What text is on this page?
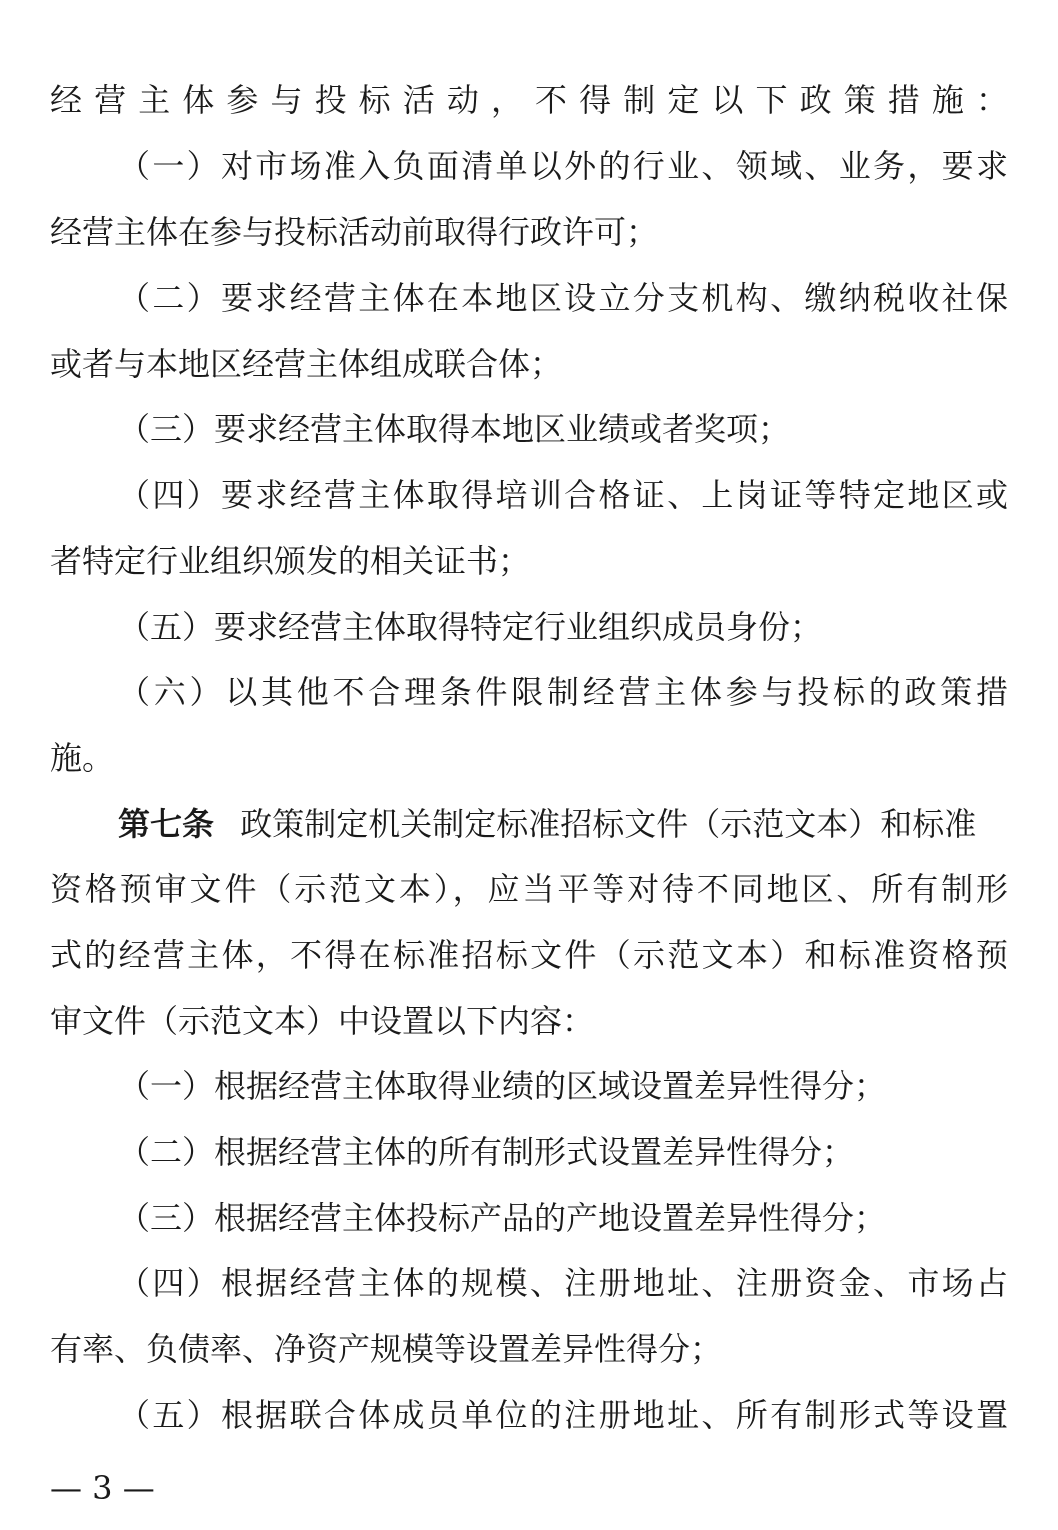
经营主体参与投标活动，不得制定以下政策措施：
（一）对市场准入负面清单以外的行业、领域、业务，要求
经营主体在参与投标活动前取得行政许可；
（二）要求经营主体在本地区设立分支机构、缴纳税收社保
或者与本地区经营主体组成联合体；
（三）要求经营主体取得本地区业绩或者奖项；
（四）要求经营主体取得培训合格证、上岗证等特定地区或
者特定行业组织颁发的相关证书；
（五）要求经营主体取得特定行业组织成员身份；
（六）以其他不合理条件限制经营主体参与投标的政策措
施。
第七条 政策制定机关制定标准招标文件（示范文本）和标准
资格预审文件（示范文本），应当平等对待不同地区、所有制形
式的经营主体，不得在标准招标文件（示范文本）和标准资格预
审文件（示范文本）中设置以下内容：
（一）根据经营主体取得业绩的区域设置差异性得分；
（二）根据经营主体的所有制形式设置差异性得分；
（三）根据经营主体投标产品的产地设置差异性得分；
（四）根据经营主体的规模、注册地址、注册资金、市场占
有率、负债率、净资产规模等设置差异性得分；
（五）根据联合体成员单位的注册地址、所有制形式等设置
— 3 —
